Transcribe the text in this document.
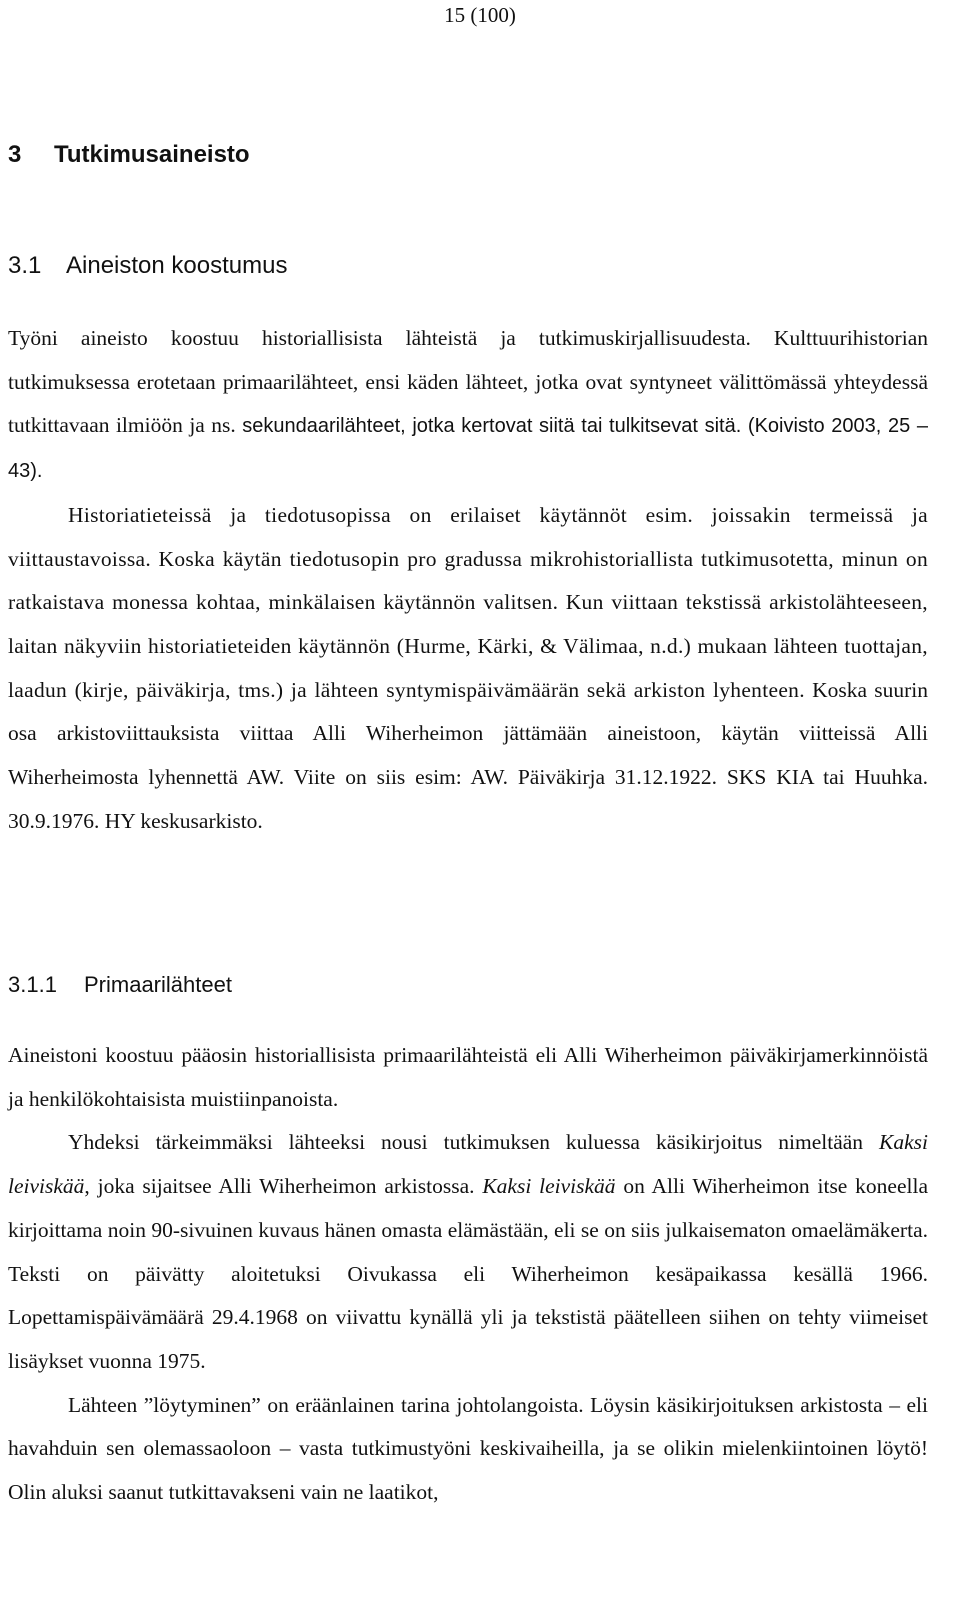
15 (100)
3 Tutkimusaineisto
3.1 Aineiston koostumus

Työni aineisto koostuu historiallisista lähteistä ja tutkimuskirjallisuudesta. Kulttuurihistorian tutkimuksessa erotetaan primaarilähteet, ensi käden lähteet, jotka ovat syntyneet välittömässä yhteydessä tutkittavaan ilmiöön ja ns. sekundaarilähteet, jotka kertovat siitä tai tulkitsevat sitä. (Koivisto 2003, 25 – 43).

Historiatieteissä ja tiedotusopissa on erilaiset käytännöt esim. joissakin termeissä ja viittaustavoissa. Koska käytän tiedotusopin pro gradussa mikrohistoriallista tutkimusotetta, minun on ratkaistava monessa kohtaa, minkälaisen käytännön valitsen. Kun viittaan tekstissä arkistolähteeseen, laitan näkyviin historiatieteiden käytännön (Hurme, Kärki, & Välimaa, n.d.) mukaan lähteen tuottajan, laadun (kirje, päiväkirja, tms.) ja lähteen syntymispäivämäärän sekä arkiston lyhenteen. Koska suurin osa arkistoviittauksista viittaa Alli Wiherheimon jättämään aineistoon, käytän viitteissä Alli Wiherheimosta lyhennettä AW. Viite on siis esim: AW. Päiväkirja 31.12.1922. SKS KIA tai Huuhka. 30.9.1976. HY keskusarkisto.

3.1.1 Primaarilähteet

Aineistoni koostuu pääosin historiallisista primaarilähteistä eli Alli Wiherheimon päiväkirjamerkinnöistä ja henkilökohtaisista muistiinpanoista.

Yhdeksi tärkeimmäksi lähteeksi nousi tutkimuksen kuluessa käsikirjoitus nimeltään Kaksi leiviskää, joka sijaitsee Alli Wiherheimon arkistossa. Kaksi leiviskää on Alli Wiherheimon itse koneella kirjoittama noin 90-sivuinen kuvaus hänen omasta elämästään, eli se on siis julkaisematon omaelämäkerta. Teksti on päivätty aloitetuksi Oivukassa eli Wiherheimon kesäpaikassa kesällä 1966. Lopettamispäivämäärä 29.4.1968 on viivattu kynällä yli ja tekstistä päätelleen siihen on tehty viimeiset lisäykset vuonna 1975.

Lähteen ”löytyminen” on eräänlainen tarina johtolangoista. Löysin käsikirjoituksen arkistosta – eli havahduin sen olemassaoloon – vasta tutkimustyöni keskivaiheilla, ja se olikin mielenkiintoinen löytö! Olin aluksi saanut tutkittavakseni vain ne laatikot,
